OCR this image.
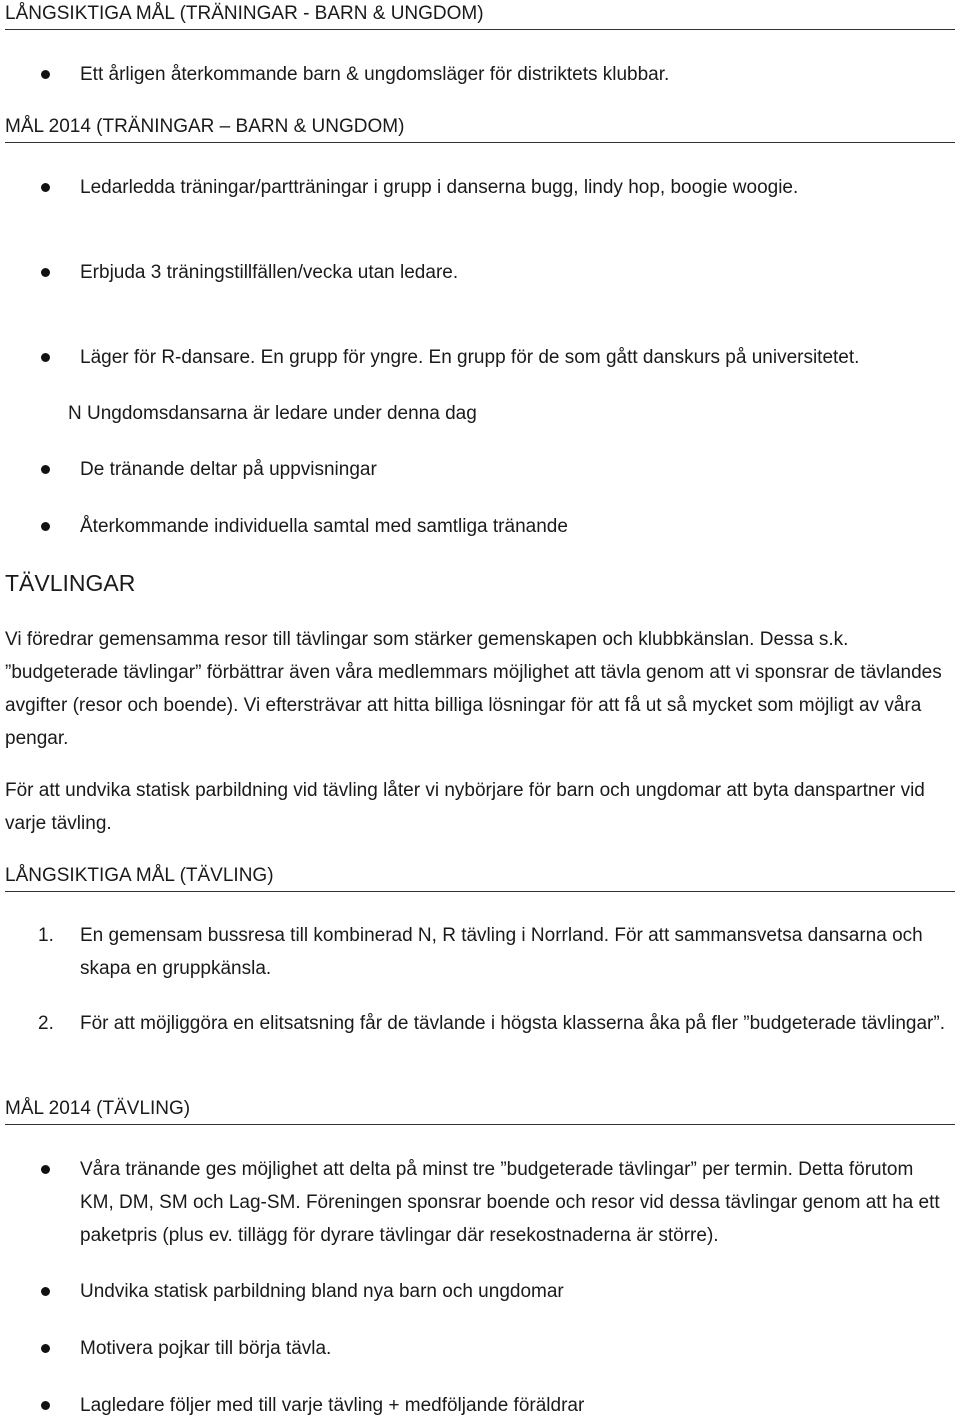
LÅNGSIKTIGA MÅL (TRÄNINGAR - BARN & UNGDOM)
Ett årligen återkommande barn & ungdomsläger för distriktets klubbar.
MÅL 2014 (TRÄNINGAR – BARN & UNGDOM)
Ledarledda träningar/partträningar i grupp i danserna bugg, lindy hop, boogie woogie.
Erbjuda 3 träningstillfällen/vecka utan ledare.
Läger för R-dansare. En grupp för yngre. En grupp för de som gått danskurs på universitetet.
N Ungdomsdansarna är ledare under denna dag
De tränande deltar på uppvisningar
Återkommande individuella samtal med samtliga tränande
TÄVLINGAR
Vi föredrar gemensamma resor till tävlingar som stärker gemenskapen och klubbkänslan. Dessa s.k. ”budgeterade tävlingar” förbättrar även våra medlemmars möjlighet att tävla genom att vi sponsrar de tävlandes avgifter (resor och boende). Vi eftersträvar att hitta billiga lösningar för att få ut så mycket som möjligt av våra pengar.
För att undvika statisk parbildning vid tävling låter vi nybörjare för barn och ungdomar att byta danspartner vid varje tävling.
LÅNGSIKTIGA MÅL (TÄVLING)
1. En gemensam bussresa till kombinerad N, R tävling i Norrland. För att sammansvetsa dansarna och skapa en gruppkänsla.
2. För att möjliggöra en elitsatsning får de tävlande i högsta klasserna åka på fler ”budgeterade tävlingar”.
MÅL 2014 (TÄVLING)
Våra tränande ges möjlighet att delta på minst tre ”budgeterade tävlingar” per termin. Detta förutom KM, DM, SM och Lag-SM. Föreningen sponsrar boende och resor vid dessa tävlingar genom att ha ett paketpris (plus ev. tillägg för dyrare tävlingar där resekostnaderna är större).
Undvika statisk parbildning bland nya barn och ungdomar
Motivera pojkar till börja tävla.
Lagledare följer med till varje tävling + medföljande föräldrar
